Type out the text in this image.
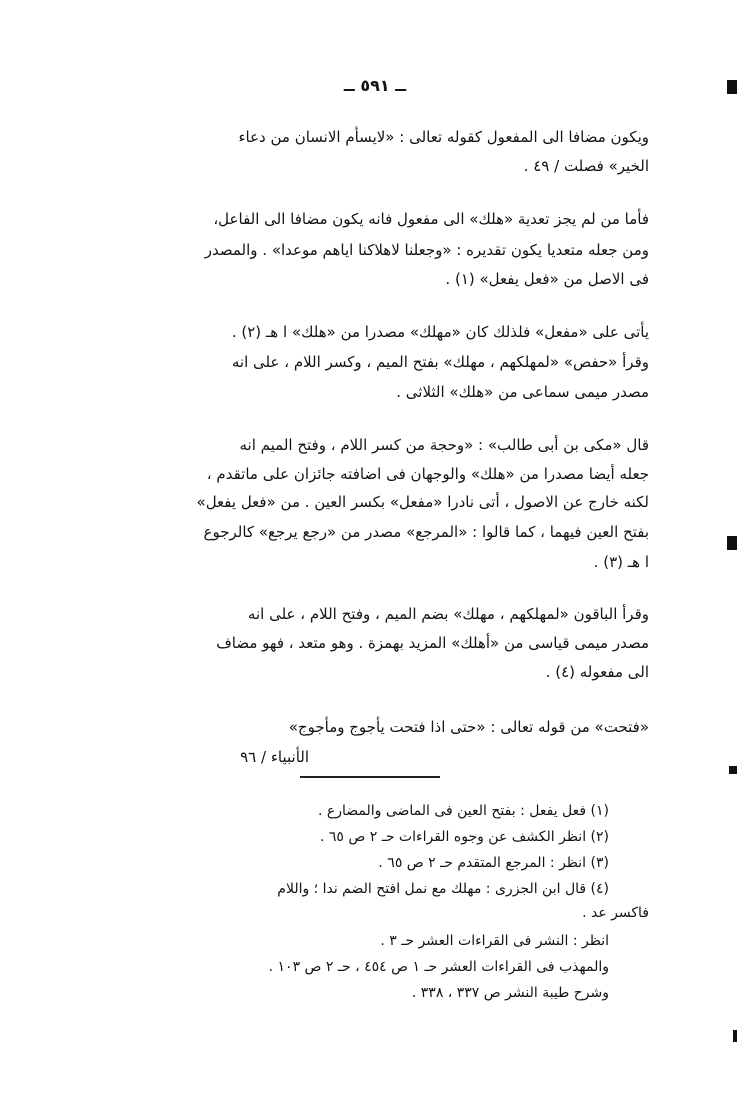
ــ ٥٩١ ــ
ويكون مضافا الى المفعول كقوله تعالى : «لايسأم الانسان من دعاء
الخير» فصلت / ٤٩ .
فأما من لم يجز تعدية «هلك» الى مفعول فانه يكون مضافا الى الفاعل،
ومن جعله متعديا يكون تقديره : «وجعلنا لاهلاكنا اياهم موعدا» . والمصدر
فى الاصل من «فعل يفعل» (١) .
يأتى على «مفعل» فلذلك كان «مهلك» مصدرا من «هلك» ا هـ (٢) .
وقرأ «حفص» «لمهلكهم ، مهلك» بفتح الميم ، وكسر اللام ، على انه
مصدر ميمى سماعى من «هلك» الثلاثى .
قال «مكى بن أبى طالب» : «وحجة من كسر اللام ، وفتح الميم انه
جعله أيضا مصدرا من «هلك» والوجهان فى اضافته جائزان على ماتقدم ،
لكنه خارج عن الاصول ، أتى نادرا «مفعل» بكسر العين . من «فعل يفعل»
بفتح العين فيهما ، كما قالوا : «المرجع» مصدر من «رجع يرجع» كالرجوع
ا هـ (٣) .
وقرأ الباقون «لمهلكهم ، مهلك» بضم الميم ، وفتح اللام ، على انه
مصدر ميمى قياسى من «أهلك» المزيد بهمزة . وهو متعد ، فهو مضاف
الى مفعوله (٤) .
«فتحت» من قوله تعالى : «حتى اذا فتحت يأجوج ومأجوج»
الأنبياء / ٩٦
(١) فعل يفعل : بفتح العين فى الماضى والمضارع .
(٢) انظر الكشف عن وجوه القراءات حـ ٢ ص ٦٥ .
(٣) انظر : المرجع المتقدم حـ ٢ ص ٦٥ .
(٤) قال ابن الجزرى : مهلك مع نمل افتح الضم ندا ؛ واللام
فاكسر عد .
انظر : النشر فى القراءات العشر حـ ٣ .
والمهذب فى القراءات العشر حـ ١ ص ٤٥٤ ، حـ ٢ ص ١٠٣ .
وشرح طيبة النشر ص ٣٣٧ ، ٣٣٨ .
